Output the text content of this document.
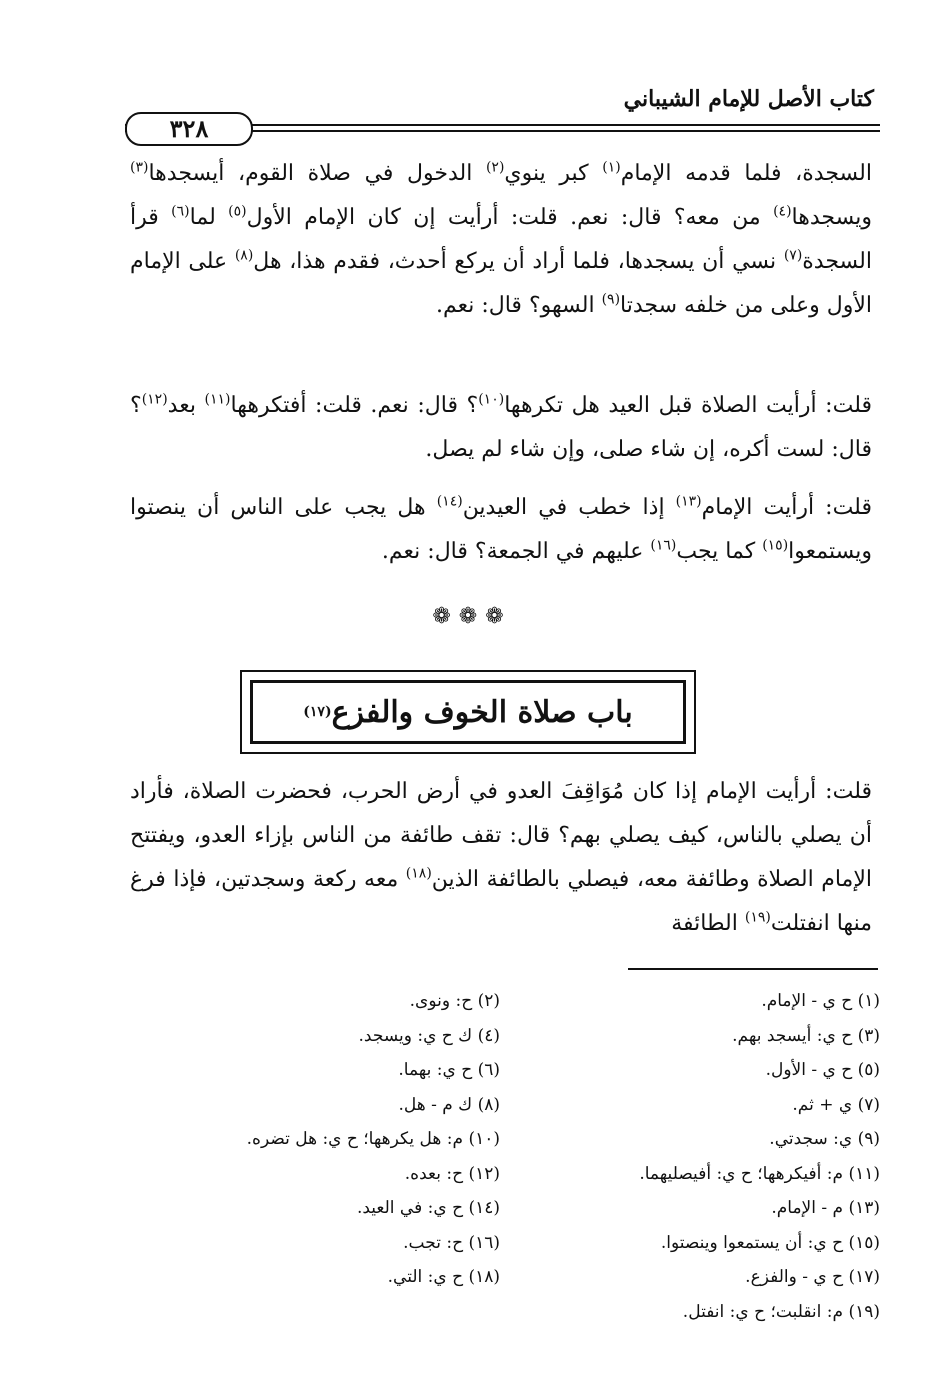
كتاب الأصل للإمام الشيباني
٣٢٨

السجدة، فلما قدمه الإمام$^{(١)}$ كبر ينوي$^{(٢)}$ الدخول في صلاة القوم، أيسجدها$^{(٣)}$ ويسجدها$^{(٤)}$ من معه؟ قال: نعم. قلت: أرأيت إن كان الإمام الأول$^{(٥)}$ لما$^{(٦)}$ قرأ السجدة$^{(٧)}$ نسي أن يسجدها، فلما أراد أن يركع أحدث، فقدم هذا، هل$^{(٨)}$ على الإمام الأول وعلى من خلفه سجدتا$^{(٩)}$ السهو؟ قال: نعم.

قلت: أرأيت الصلاة قبل العيد هل تكرهها$^{(١٠)}$؟ قال: نعم. قلت: أفتكرهها$^{(١١)}$ بعد$^{(١٢)}$؟ قال: لست أكره، إن شاء صلى، وإن شاء لم يصل.

قلت: أرأيت الإمام$^{(١٣)}$ إذا خطب في العيدين$^{(١٤)}$ هل يجب على الناس أن ينصتوا ويستمعوا$^{(١٥)}$ كما يجب$^{(١٦)}$ عليهم في الجمعة؟ قال: نعم.

❁❁❁
باب صلاة الخوف والفزع
(١٧)

قلت: أرأيت الإمام إذا كان مُوَاقِفَ العدو في أرض الحرب، فحضرت الصلاة، فأراد أن يصلي بالناس، كيف يصلي بهم؟ قال: تقف طائفة من الناس بإزاء العدو، ويفتتح الإمام الصلاة وطائفة معه، فيصلي بالطائفة الذين$^{(١٨)}$ معه ركعة وسجدتين، فإذا فرغ منها انفتلت$^{(١٩)}$ الطائفة

(١) ح ي - الإمام.
(٣) ح ي: أيسجد بهم.
(٥) ح ي - الأول.
(٧) ي + ثم.
(٩) ي: سجدتي.
(١١) م: أفيكرهها؛ ح ي: أفيصليهما.
(١٣) م - الإمام.
(١٥) ح ي: أن يستمعوا وينصتوا.
(١٧) ح ي - والفزع.
(١٩) م: انقلبت؛ ح ي: انفتل.
(٢) ح: ونوى.
(٤) ك ح ي: ويسجد.
(٦) ح ي: بهما.
(٨) ك م - هل.
(١٠) م: هل يكرهها؛ ح ي: هل تضره.
(١٢) ح: بعده.
(١٤) ح ي: في العيد.
(١٦) ح: تجب.
(١٨) ح ي: التي.
